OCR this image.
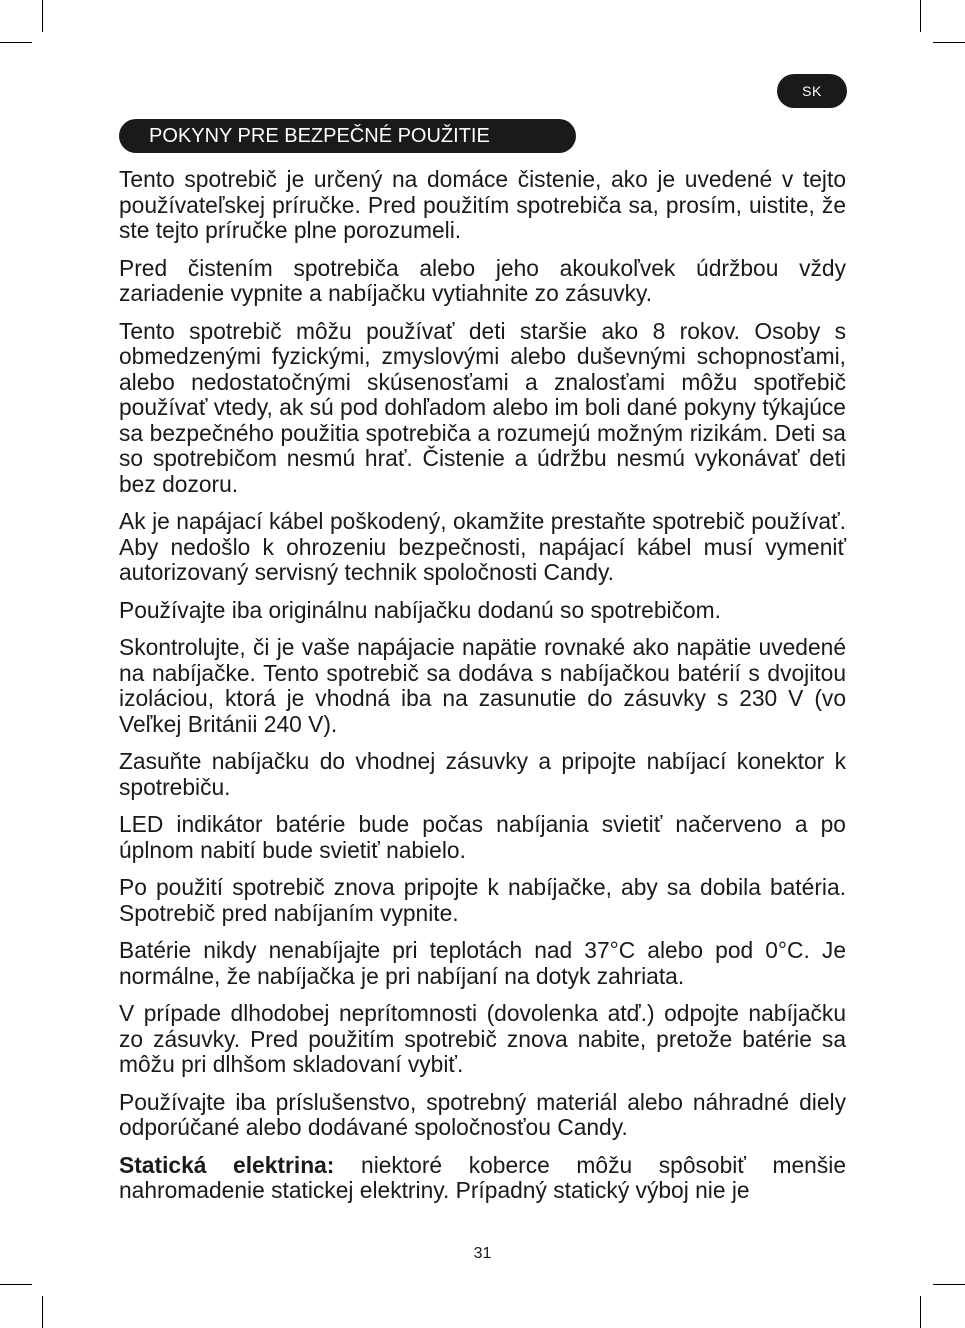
SK
POKYNY PRE BEZPEČNÉ POUŽITIE

Tento spotrebič je určený na domáce čistenie, ako je uvedené v tejto používateľskej príručke. Pred použitím spotrebiča sa, prosím, uistite, že ste tejto príručke plne porozumeli.

Pred čistením spotrebiča alebo jeho akoukoľvek údržbou vždy zariadenie vypnite a nabíjačku vytiahnite zo zásuvky.

Tento spotrebič môžu používať deti staršie ako 8 rokov. Osoby s obmedzenými fyzickými, zmyslovými alebo duševnými schopnosťami, alebo nedostatočnými skúsenosťami a znalosťami môžu spotřebič používať vtedy, ak sú pod dohľadom alebo im boli dané pokyny týkajúce sa bezpečného použitia spotrebiča a rozumejú možným rizikám. Deti sa so spotrebičom nesmú hrať. Čistenie a údržbu nesmú vykonávať deti bez dozoru.

Ak je napájací kábel poškodený, okamžite prestaňte spotrebič používať. Aby nedošlo k ohrozeniu bezpečnosti, napájací kábel musí vymeniť autorizovaný servisný technik spoločnosti Candy.

Používajte iba originálnu nabíjačku dodanú so spotrebičom.

Skontrolujte, či je vaše napájacie napätie rovnaké ako napätie uvedené na nabíjačke. Tento spotrebič sa dodáva s nabíjačkou batérií s dvojitou izoláciou, ktorá je vhodná iba na zasunutie do zásuvky s 230 V (vo Veľkej Británii 240 V).

Zasuňte nabíjačku do vhodnej zásuvky a pripojte nabíjací konektor k spotrebiču.

LED indikátor batérie bude počas nabíjania svietiť načerveno a po úplnom nabití bude svietiť nabielo.

Po použití spotrebič znova pripojte k nabíjačke, aby sa dobila batéria. Spotrebič pred nabíjaním vypnite.

Batérie nikdy nenabíjajte pri teplotách nad 37°C alebo pod 0°C. Je normálne, že nabíjačka je pri nabíjaní na dotyk zahriata.

V prípade dlhodobej neprítomnosti (dovolenka atď.) odpojte nabíjačku zo zásuvky. Pred použitím spotrebič znova nabite, pretože batérie sa môžu pri dlhšom skladovaní vybiť.

Používajte iba príslušenstvo, spotrebný materiál alebo náhradné diely odporúčané alebo dodávané spoločnosťou Candy.

Statická elektrina: niektoré koberce môžu spôsobiť menšie nahromadenie statickej elektriny. Prípadný statický výboj nie je

31
